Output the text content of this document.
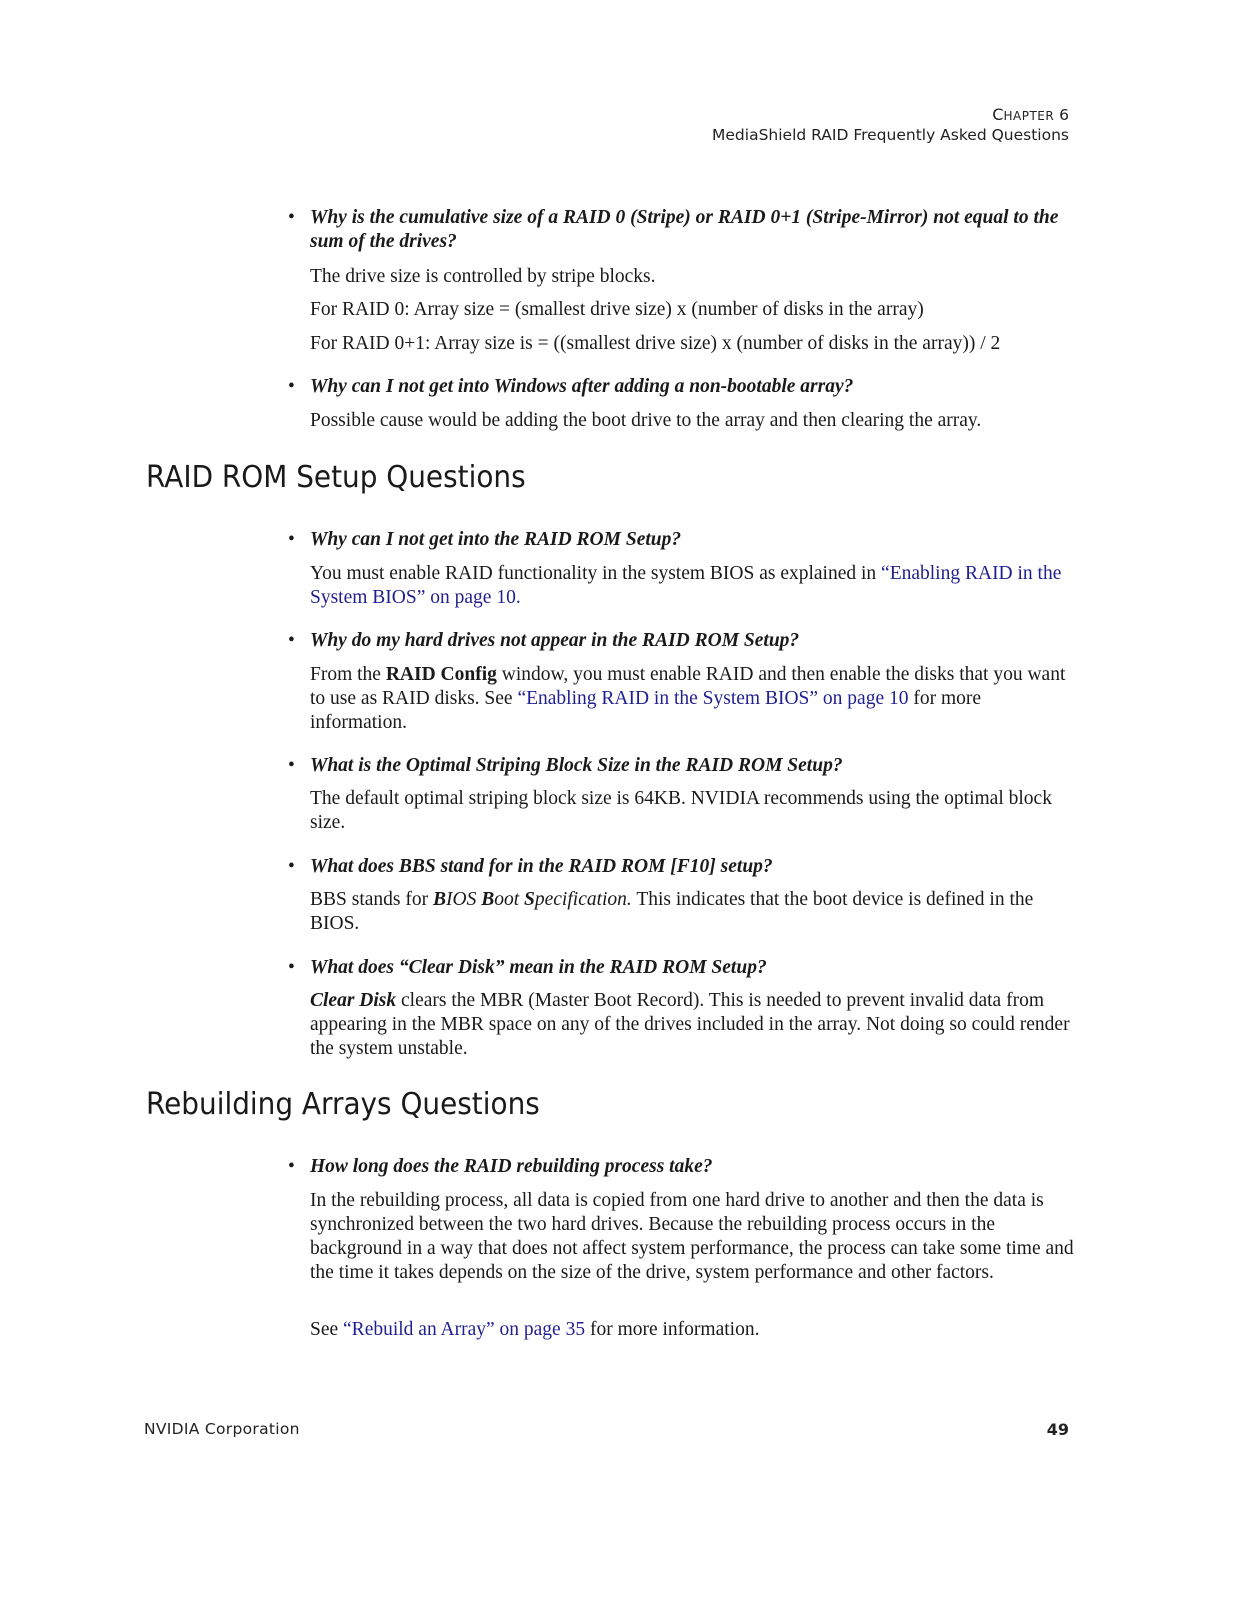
CHAPTER 6
MediaShield RAID Frequently Asked Questions

• Why is the cumulative size of a RAID 0 (Stripe) or RAID 0+1 (Stripe-Mirror) not equal to the sum of the drives?

The drive size is controlled by stripe blocks.

For RAID 0: Array size = (smallest drive size) x (number of disks in the array)

For RAID 0+1: Array size is = ((smallest drive size) x (number of disks in the array)) / 2

• Why can I not get into Windows after adding a non-bootable array?

Possible cause would be adding the boot drive to the array and then clearing the array.

RAID ROM Setup Questions

• Why can I not get into the RAID ROM Setup?

You must enable RAID functionality in the system BIOS as explained in “Enabling RAID in the System BIOS” on page 10.

• Why do my hard drives not appear in the RAID ROM Setup?

From the RAID Config window, you must enable RAID and then enable the disks that you want to use as RAID disks. See “Enabling RAID in the System BIOS” on page 10 for more information.

• What is the Optimal Striping Block Size in the RAID ROM Setup?

The default optimal striping block size is 64KB. NVIDIA recommends using the optimal block size.

• What does BBS stand for in the RAID ROM [F10] setup?

BBS stands for BIOS Boot Specification. This indicates that the boot device is defined in the BIOS.

• What does “Clear Disk” mean in the RAID ROM Setup?

Clear Disk clears the MBR (Master Boot Record). This is needed to prevent invalid data from appearing in the MBR space on any of the drives included in the array. Not doing so could render the system unstable.

Rebuilding Arrays Questions

• How long does the RAID rebuilding process take?

In the rebuilding process, all data is copied from one hard drive to another and then the data is synchronized between the two hard drives. Because the rebuilding process occurs in the background in a way that does not affect system performance, the process can take some time and the time it takes depends on the size of the drive, system performance and other factors.

See “Rebuild an Array” on page 35 for more information.

NVIDIA Corporation	49
